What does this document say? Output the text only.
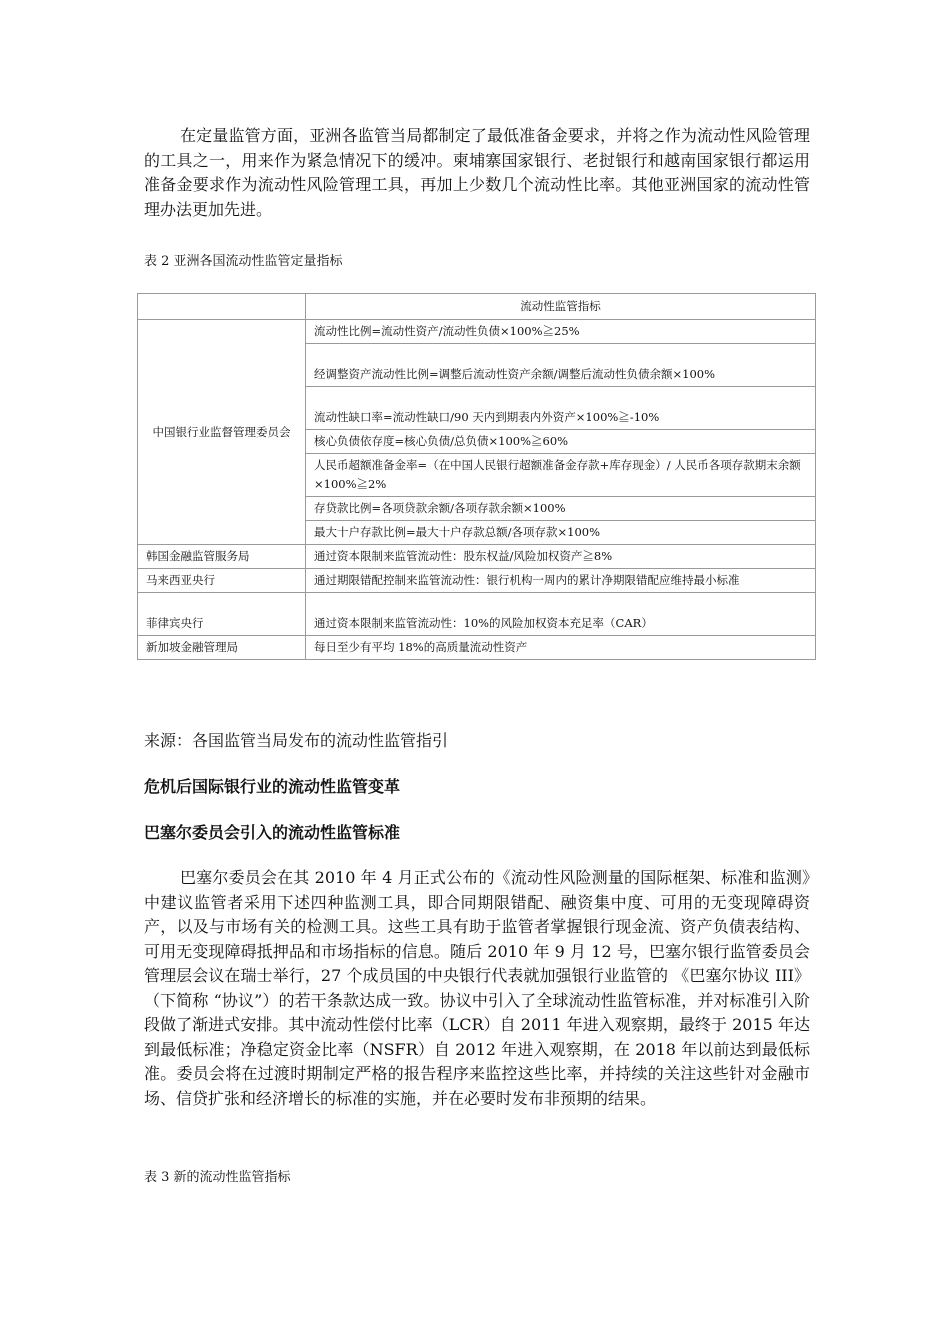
在定量监管方面，亚洲各监管当局都制定了最低准备金要求，并将之作为流动性风险管理的工具之一，用来作为紧急情况下的缓冲。柬埔寨国家银行、老挝银行和越南国家银行都运用准备金要求作为流动性风险管理工具，再加上少数几个流动性比率。其他亚洲国家的流动性管理办法更加先进。

表 2 亚洲各国流动性监管定量指标

	流动性监管指标
中国银行业监督管理委员会	流动性比例=流动性资产/流动性负债×100%≧25%
	经调整资产流动性比例=调整后流动性资产余额/调整后流动性负债余额×100%
	流动性缺口率=流动性缺口/90 天内到期表内外资产×100%≧-10%
	核心负债依存度=核心负债/总负债×100%≧60%
	人民币超额准备金率=（在中国人民银行超额准备金存款+库存现金）/ 人民币各项存款期末余额×100%≧2%
	存贷款比例=各项贷款余额/各项存款余额×100%
	最大十户存款比例=最大十户存款总额/各项存款×100%
韩国金融监管服务局	通过资本限制来监管流动性：股东权益/风险加权资产≧8%
马来西亚央行	通过期限错配控制来监管流动性：银行机构一周内的累计净期限错配应维持最小标准
菲律宾央行	通过资本限制来监管流动性：10%的风险加权资本充足率（CAR）
新加坡金融管理局	每日至少有平均 18%的高质量流动性资产

来源：各国监管当局发布的流动性监管指引

危机后国际银行业的流动性监管变革

巴塞尔委员会引入的流动性监管标准

巴塞尔委员会在其 2010 年 4 月正式公布的《流动性风险测量的国际框架、标准和监测》中建议监管者采用下述四种监测工具，即合同期限错配、融资集中度、可用的无变现障碍资产，以及与市场有关的检测工具。这些工具有助于监管者掌握银行现金流、资产负债表结构、可用无变现障碍抵押品和市场指标的信息。随后 2010 年 9 月 12 号，巴塞尔银行监管委员会管理层会议在瑞士举行，27 个成员国的中央银行代表就加强银行业监管的 《巴塞尔协议 III》（下简称 “协议”）的若干条款达成一致。协议中引入了全球流动性监管标准，并对标准引入阶段做了渐进式安排。其中流动性偿付比率（LCR）自 2011 年进入观察期，最终于 2015 年达到最低标准；净稳定资金比率（NSFR）自 2012 年进入观察期，在 2018 年以前达到最低标准。委员会将在过渡时期制定严格的报告程序来监控这些比率，并持续的关注这些针对金融市场、信贷扩张和经济增长的标准的实施，并在必要时发布非预期的结果。

表 3 新的流动性监管指标
